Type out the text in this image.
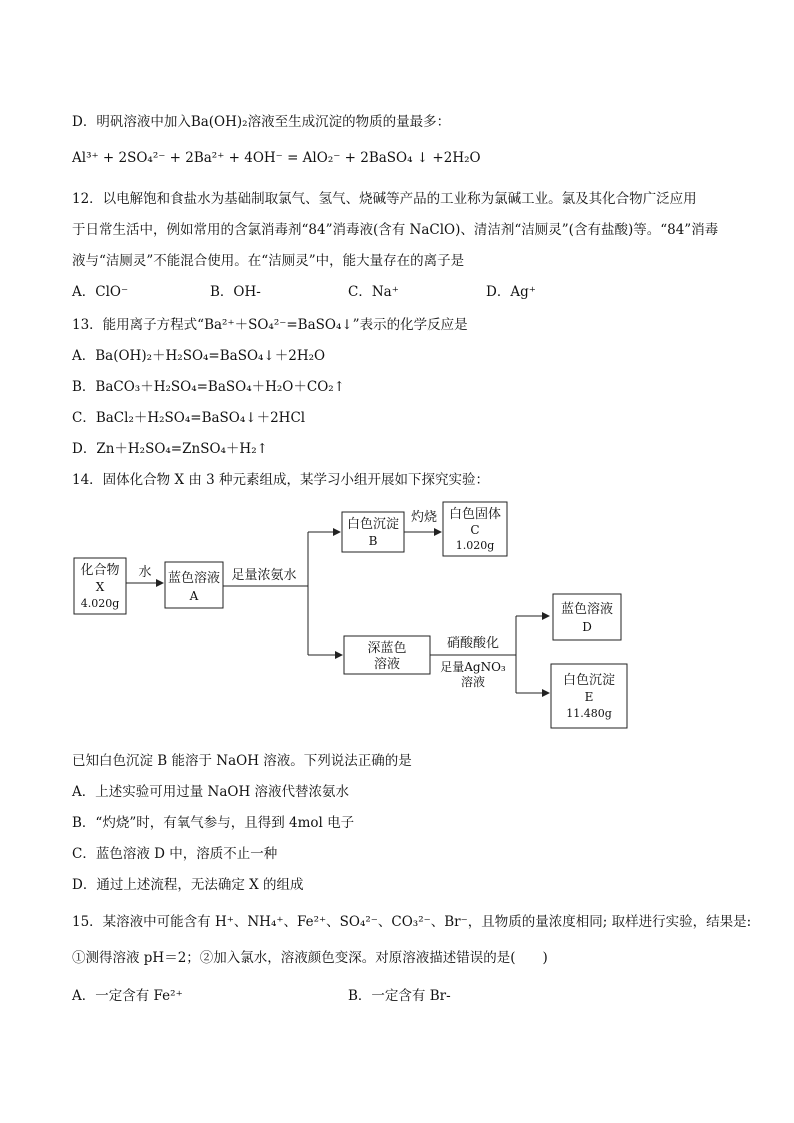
D．明矾溶液中加入Ba(OH)₂溶液至生成沉淀的物质的量最多：
Al³⁺ + 2SO₄²⁻ + 2Ba²⁺ + 4OH⁻ = AlO₂⁻ + 2BaSO₄ ↓ +2H₂O
12．以电解饱和食盐水为基础制取氯气、氢气、烧碱等产品的工业称为氯碱工业。氯及其化合物广泛应用
于日常生活中，例如常用的含氯消毒剂“84”消毒液(含有 NaClO)、清洁剂“洁厕灵”(含有盐酸)等。“84”消毒
液与“洁厕灵”不能混合使用。在“洁厕灵”中，能大量存在的离子是
A．ClO⁻	B．OH-	C．Na⁺	D．Ag⁺
13．能用离子方程式“Ba²⁺＋SO₄²⁻=BaSO₄↓”表示的化学反应是
A．Ba(OH)₂＋H₂SO₄=BaSO₄↓＋2H₂O
B．BaCO₃＋H₂SO₄=BaSO₄＋H₂O＋CO₂↑
C．BaCl₂＋H₂SO₄=BaSO₄↓＋2HCl
D．Zn＋H₂SO₄=ZnSO₄＋H₂↑
14．固体化合物 X 由 3 种元素组成，某学习小组开展如下探究实验：
化合物
X
4.020g
水 蓝色溶液
A
足量浓氨水
白色沉淀
B
灼烧 白色固体
C
1.020g
深蓝色
溶液
硝酸酸化
足量AgNO₃
溶液
蓝色溶液
D
白色沉淀
E
11.480g
已知白色沉淀 B 能溶于 NaOH 溶液。下列说法正确的是
A．上述实验可用过量 NaOH 溶液代替浓氨水
B．“灼烧”时，有氧气参与，且得到 4mol 电子
C．蓝色溶液 D 中，溶质不止一种
D．通过上述流程，无法确定 X 的组成
15．某溶液中可能含有 H⁺、NH₄⁺、Fe²⁺、SO₄²⁻、CO₃²⁻、Br⁻，且物质的量浓度相同; 取样进行实验，结果是:
①测得溶液 pH＝2；②加入氯水，溶液颜色变深。对原溶液描述错误的是(　　)
A．一定含有 Fe²⁺	B．一定含有 Br-
